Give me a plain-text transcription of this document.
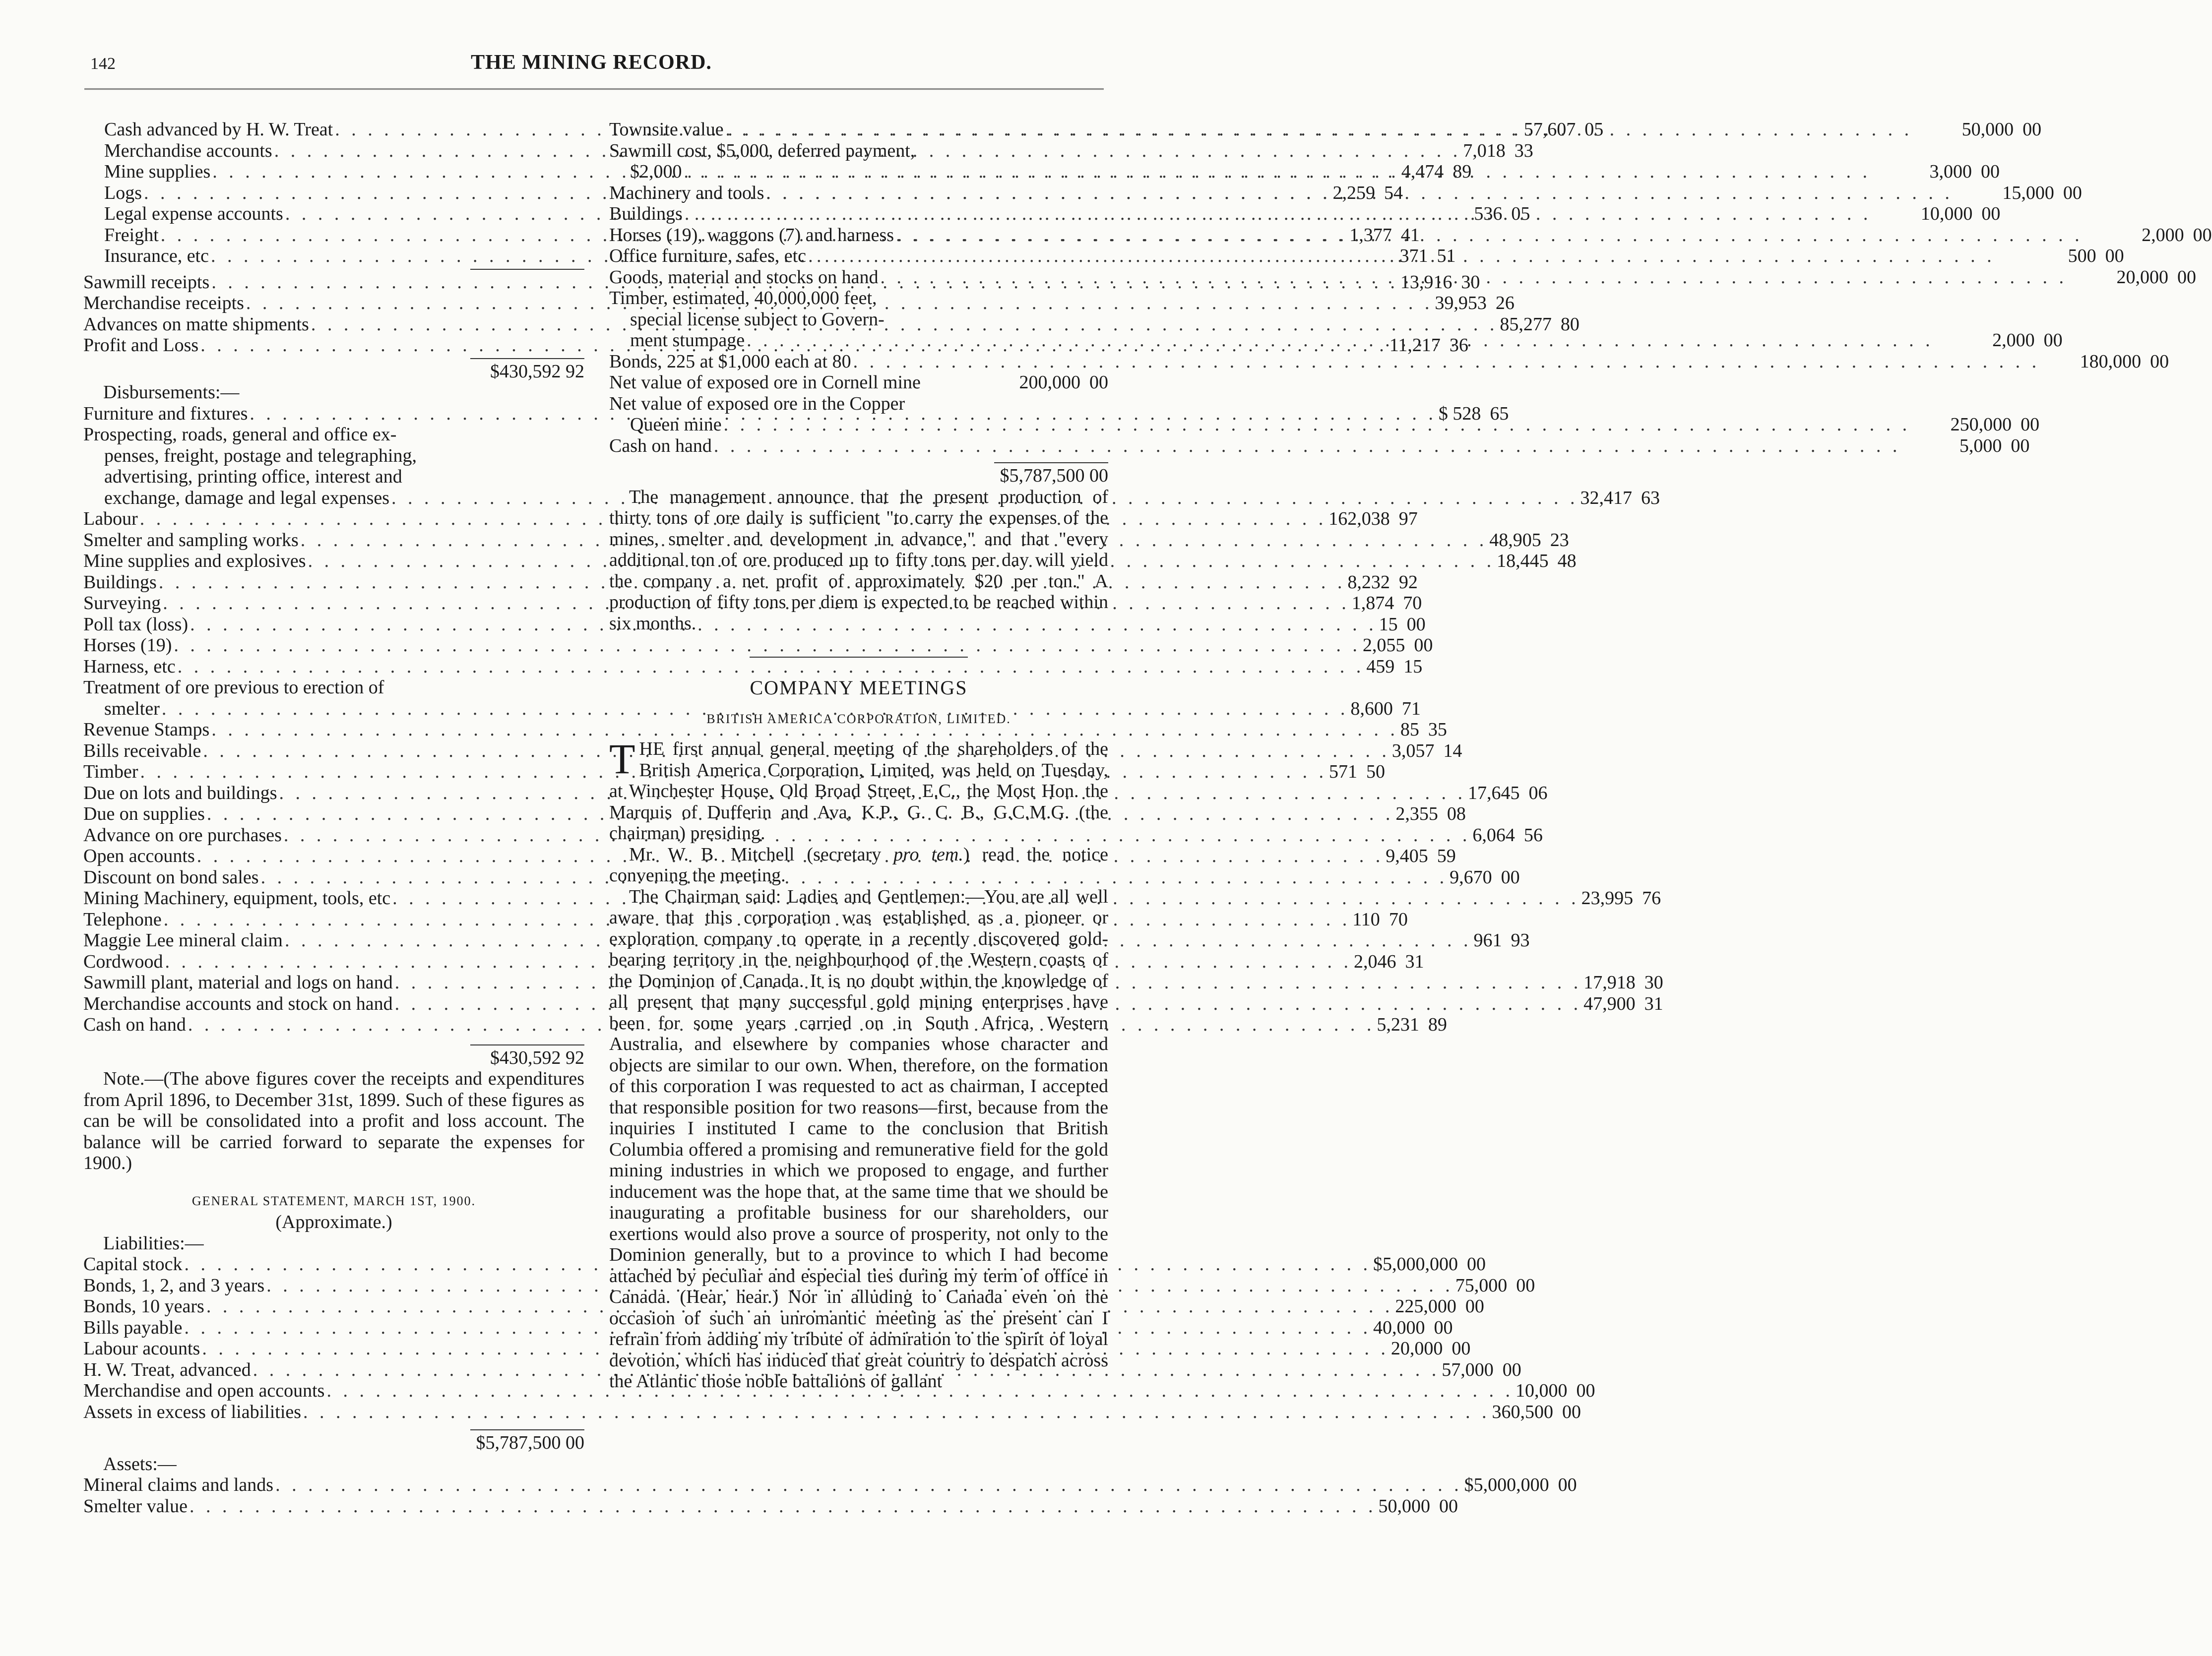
142	THE MINING RECORD.
Cash advanced by H. W. Treat . . .	57,607 05
Merchandise accounts . . .	7,018 33
Mine supplies . . .	4,474 89
Logs . . .	2,259 54
Legal expense accounts . . .	536 05
Freight . . .	1,377 41
Insurance, etc . . .	371 51
Sawmill receipts . . .	13,916 30
Merchandise receipts . . .	39,953 26
Advances on matte shipments . . .	85,277 80
Profit and Loss . . .	11,217 36
$430,592 92
Disbursements:—
Furniture and fixtures . . .	$ 528 65
Prospecting, roads, general and office ex-
penses, freight, postage and telegraphing,
advertising, printing office, interest and
exchange, damage and legal expenses . . .	32,417 63
Labour . . .	162,038 97
Smelter and sampling works . . .	48,905 23
Mine supplies and explosives . . .	18,445 48
Buildings . . .	8,232 92
Surveying . . .	1,874 70
Poll tax (loss) . . .	15 00
Horses (19) . . .	2,055 00
Harness, etc . . .	459 15
Treatment of ore previous to erection of
smelter . . .	8,600 71
Revenue Stamps . . .	85 35
Bills receivable . . .	3,057 14
Timber . . .	571 50
Due on lots and buildings . . .	17,645 06
Due on supplies . . .	2,355 08
Advance on ore purchases . . .	6,064 56
Open accounts . . .	9,405 59
Discount on bond sales . . .	9,670 00
Mining Machinery, equipment, tools, etc . . .	23,995 76
Telephone . . .	110 70
Maggie Lee mineral claim . . .	961 93
Cordwood . . .	2,046 31
Sawmill plant, material and logs on hand . . .	17,918 30
Merchandise accounts and stock on hand . . .	47,900 31
Cash on hand . . .	5,231 89
$430,592 92
Note.—(The above figures cover the receipts and expenditures from April 1896, to December 31st, 1899. Such of these figures as can be will be consolidated into a profit and loss account. The balance will be carried forward to separate the expenses for 1900.)
GENERAL STATEMENT, MARCH 1ST, 1900.
(Approximate.)
Liabilities:—
Capital stock . . .	$5,000,000 00
Bonds, 1, 2, and 3 years . . .	75,000 00
Bonds, 10 years . . .	225,000 00
Bills payable . . .	40,000 00
Labour acounts . . .	20,000 00
H. W. Treat, advanced . . .	57,000 00
Merchandise and open accounts . . .	10,000 00
Assets in excess of liabilities . . .	360,500 00
$5,787,500 00
Assets:—
Mineral claims and lands . . .	$5,000,000 00
Smelter value . . .	50,000 00
Townsite value . . .	50,000 00
Sawmill cost, $5,000, deferred payment,
$2,000 . . .	3,000 00
Machinery and tools . . .	15,000 00
Buildings . . .	10,000 00
Horses (19), waggons (7) and harness . . .	2,000 00
Office furniture, safes, etc . . .	500 00
Goods, material and stocks on hand . . .	20,000 00
Timber, estimated, 40,000,000 feet,
special license subject to Govern-
ment stumpage . . .	2,000 00
Bonds, 225 at $1,000 each at 80 . . .	180,000 00
Net value of exposed ore in Cornell mine	200,000 00
Net value of exposed ore in the Copper
Queen mine . . .	250,000 00
Cash on hand . . .	5,000 00
$5,787,500 00
The management announce that the present production of thirty tons of ore daily is sufficient "to carry the expenses of the mines, smelter and development in advance," and that "every additional ton of ore produced up to fifty tons per day will yield the company a net profit of approximately $20 per ton." A production of fifty tons per diem is expected to be reached within six months.
COMPANY MEETINGS
BRITISH AMERICA CORPORATION, LIMITED.
THE first annual general meeting of the shareholders of the British America Corporation, Limited, was held on Tuesday, at Winchester House, Old Broad Street, E.C., the Most Hon. the Marquis of Dufferin and Ava, K.P., G. C. B., G.C.M.G. (the chairman) presiding.
Mr. W. B. Mitchell (secretary pro tem.) read the notice convening the meeting.
The Chairman said: Ladies and Gentlemen:—You are all well aware that this corporation was established as a pioneer or exploration company to operate in a recently discovered gold-bearing territory in the neighbourhood of the Western coasts of the Dominion of Canada. It is no doubt within the knowledge of all present that many successful gold mining enterprises have been for some years carried on in South Africa, Western Australia, and elsewhere by companies whose character and objects are similar to our own. When, therefore, on the formation of this corporation I was requested to act as chairman, I accepted that responsible position for two reasons—first, because from the inquiries I instituted I came to the conclusion that British Columbia offered a promising and remunerative field for the gold mining industries in which we proposed to engage, and further inducement was the hope that, at the same time that we should be inaugurating a profitable business for our shareholders, our exertions would also prove a source of prosperity, not only to the Dominion generally, but to a province to which I had become attached by peculiar and especial ties during my term of office in Canada. (Hear, hear.) Nor in alluding to Canada even on the occasion of such an unromantic meeting as the present can I refrain from adding my tribute of admiration to the spirit of loyal devotion, which has induced that great country to despatch across the Atlantic those noble battalions of gallant
